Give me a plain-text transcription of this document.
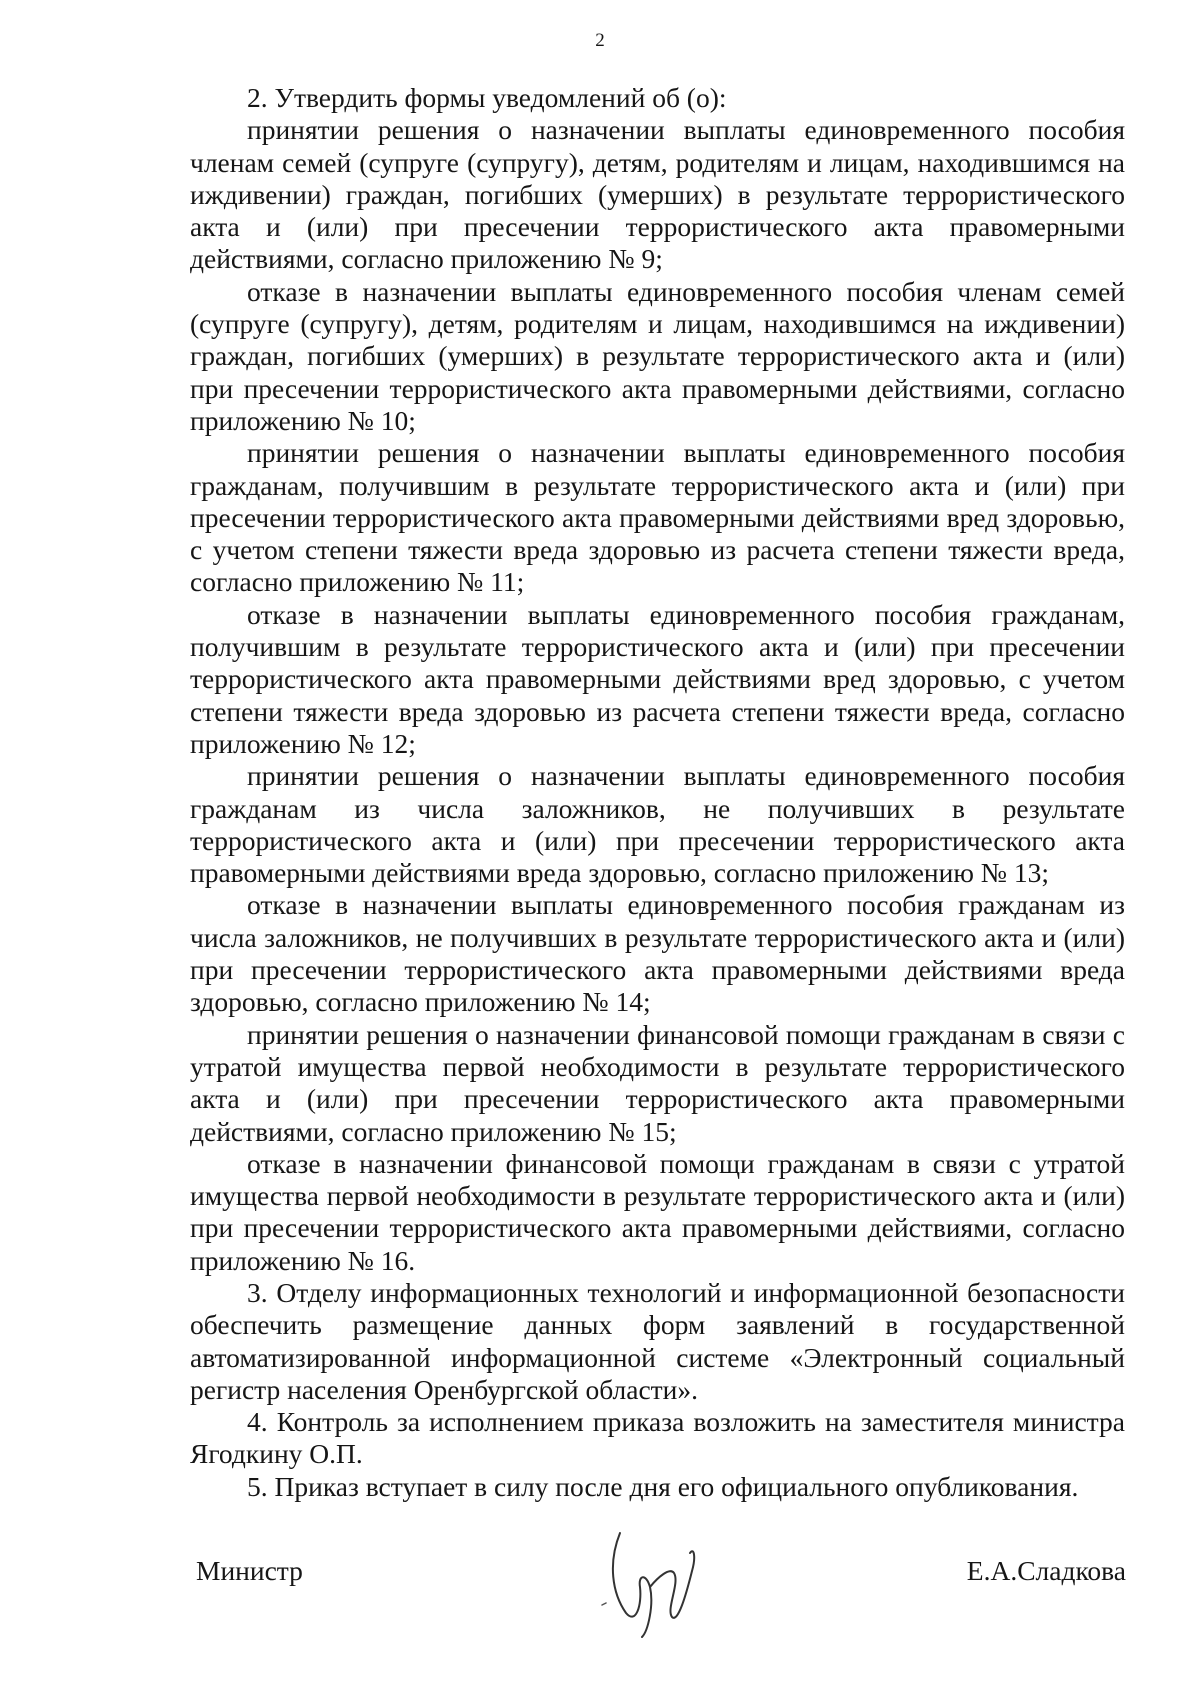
2

2. Утвердить формы уведомлений об (о):

принятии решения о назначении выплаты единовременного пособия членам семей (супруге (супругу), детям, родителям и лицам, находившимся на иждивении) граждан, погибших (умерших) в результате террористического акта и (или) при пресечении террористического акта правомерными действиями, согласно приложению № 9;

отказе в назначении выплаты единовременного пособия членам семей (супруге (супругу), детям, родителям и лицам, находившимся на иждивении) граждан, погибших (умерших) в результате террористического акта и (или) при пресечении террористического акта правомерными действиями, согласно приложению № 10;

принятии решения о назначении выплаты единовременного пособия гражданам, получившим в результате террористического акта и (или) при пресечении террористического акта правомерными действиями вред здоровью, с учетом степени тяжести вреда здоровью из расчета степени тяжести вреда, согласно приложению № 11;

отказе в назначении выплаты единовременного пособия гражданам, получившим в результате террористического акта и (или) при пресечении террористического акта правомерными действиями вред здоровью, с учетом степени тяжести вреда здоровью из расчета степени тяжести вреда, согласно приложению № 12;

принятии решения о назначении выплаты единовременного пособия гражданам из числа заложников, не получивших в результате террористического акта и (или) при пресечении террористического акта правомерными действиями вреда здоровью, согласно приложению № 13;

отказе в назначении выплаты единовременного пособия гражданам из числа заложников, не получивших в результате террористического акта и (или) при пресечении террористического акта правомерными действиями вреда здоровью, согласно приложению № 14;

принятии решения о назначении финансовой помощи гражданам в связи с утратой имущества первой необходимости в результате террористического акта и (или) при пресечении террористического акта правомерными действиями, согласно приложению № 15;

отказе в назначении финансовой помощи гражданам в связи с утратой имущества первой необходимости в результате террористического акта и (или) при пресечении террористического акта правомерными действиями, согласно приложению № 16.

3. Отделу информационных технологий и информационной безопасности обеспечить размещение данных форм заявлений в государственной автоматизированной информационной системе «Электронный социальный регистр населения Оренбургской области».

4. Контроль за исполнением приказа возложить на заместителя министра Ягодкину О.П.

5. Приказ вступает в силу после дня его официального опубликования.

Министр	Е.А.Сладкова
